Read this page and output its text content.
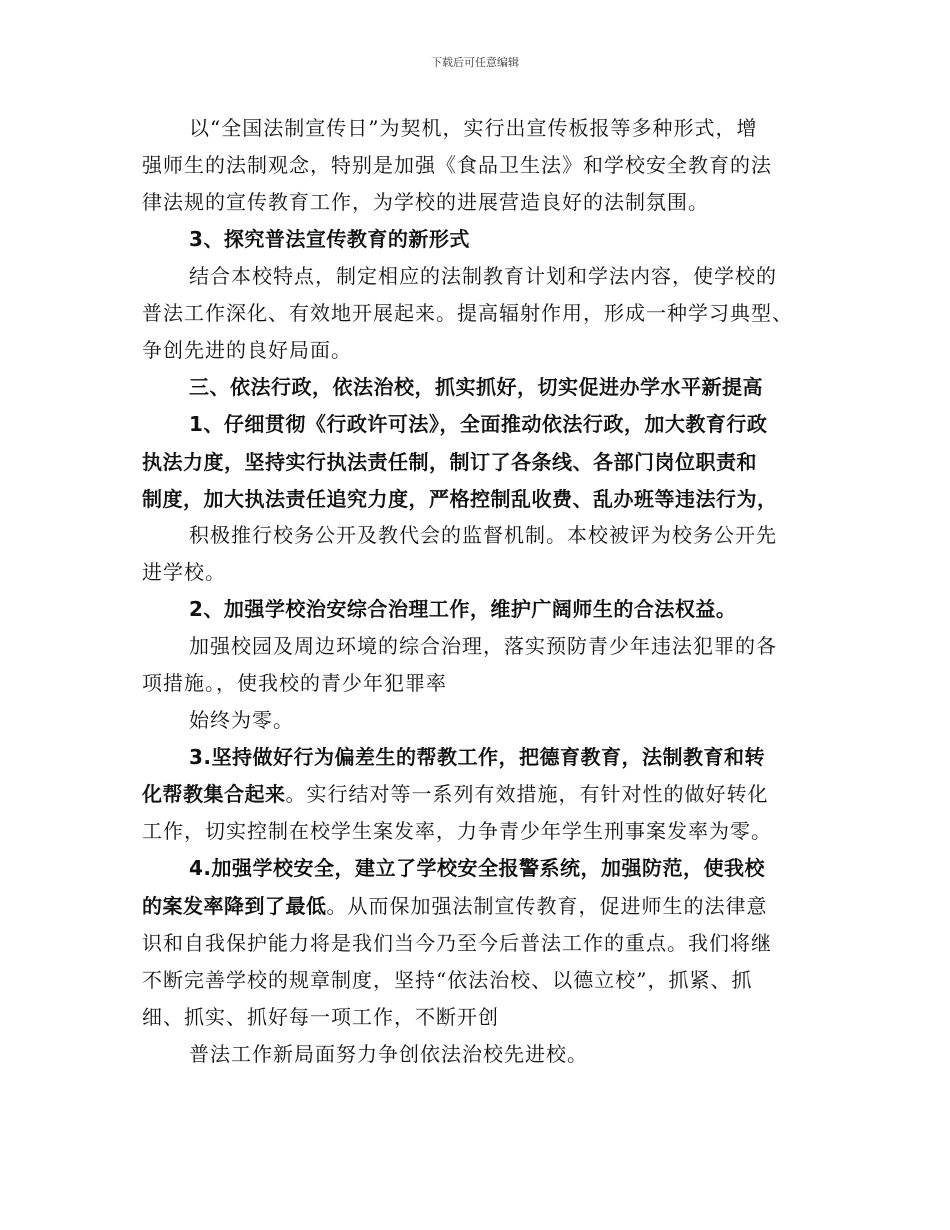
下载后可任意编辑
以“全国法制宣传日”为契机，实行出宣传板报等多种形式，增
强师生的法制观念，特别是加强《食品卫生法》和学校安全教育的法
律法规的宣传教育工作，为学校的进展营造良好的法制氛围。
3、探究普法宣传教育的新形式
结合本校特点，制定相应的法制教育计划和学法内容，使学校的
普法工作深化、有效地开展起来。提高辐射作用，形成一种学习典型、
争创先进的良好局面。
三、依法行政，依法治校，抓实抓好，切实促进办学水平新提高
1、仔细贯彻《行政许可法》，全面推动依法行政，加大教育行政
执法力度，坚持实行执法责任制，制订了各条线、各部门岗位职责和
制度，加大执法责任追究力度，严格控制乱收费、乱办班等违法行为，
积极推行校务公开及教代会的监督机制。本校被评为校务公开先
进学校。
2、加强学校治安综合治理工作，维护广阔师生的合法权益。
加强校园及周边环境的综合治理，落实预防青少年违法犯罪的各
项措施。，使我校的青少年犯罪率
始终为零。
3.坚持做好行为偏差生的帮教工作，把德育教育，法制教育和转
化帮教集合起来。实行结对等一系列有效措施，有针对性的做好转化
工作，切实控制在校学生案发率，力争青少年学生刑事案发率为零。
4.加强学校安全，建立了学校安全报警系统，加强防范，使我校
的案发率降到了最低。从而保加强法制宣传教育，促进师生的法律意
识和自我保护能力将是我们当今乃至今后普法工作的重点。我们将继
不断完善学校的规章制度，坚持“依法治校、以德立校”，抓紧、抓
细、抓实、抓好每一项工作，不断开创
普法工作新局面努力争创依法治校先进校。
